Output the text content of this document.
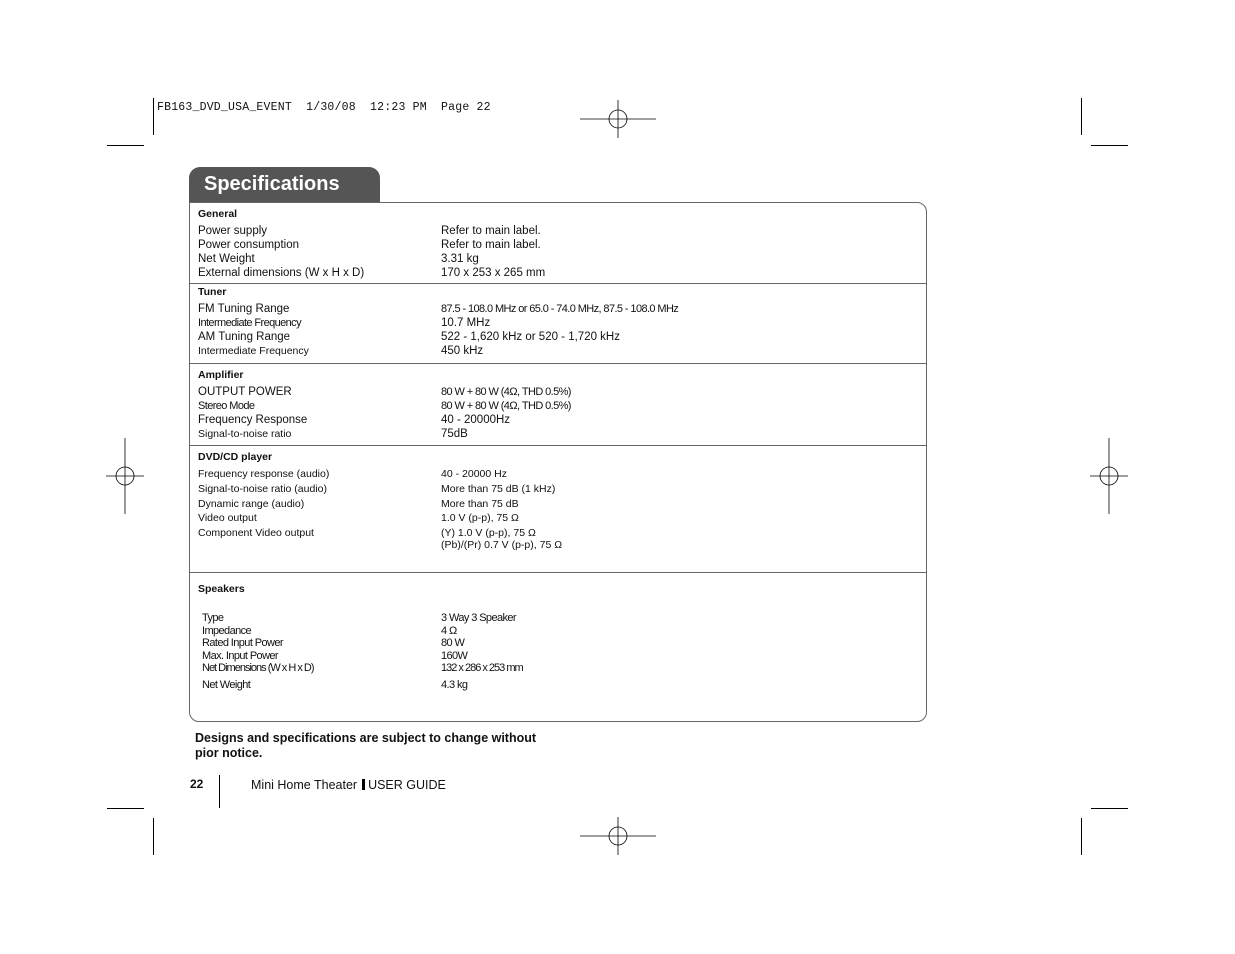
FB163_DVD_USA_EVENT  1/30/08  12:23 PM  Page 22
Specifications
General
Power supply	Refer to main label.
Power consumption	Refer to main label.
Net Weight	3.31 kg
External dimensions (W x H x D)	170 x 253 x 265 mm
Tuner
FM Tuning Range	87.5 - 108.0 MHz or 65.0 - 74.0 MHz, 87.5 - 108.0 MHz
Intermediate Frequency	10.7 MHz
AM Tuning Range	522 - 1,620 kHz or 520 - 1,720 kHz
Intermediate Frequency	450 kHz
Amplifier
OUTPUT POWER	80 W + 80 W (4Ω, THD 0.5%)
Stereo Mode	80 W + 80 W (4Ω, THD 0.5%)
Frequency Response	40 - 20000Hz
Signal-to-noise ratio	75dB
DVD/CD player
Frequency response (audio)	40 - 20000 Hz
Signal-to-noise ratio (audio)	More than 75 dB (1 kHz)
Dynamic range (audio)	More than 75 dB
Video output	1.0 V (p-p), 75 Ω
Component Video output	(Y) 1.0 V (p-p), 75 Ω
(Pb)/(Pr) 0.7 V (p-p), 75 Ω
Speakers
Type	3 Way 3 Speaker
Impedance	4 Ω
Rated Input Power	80 W
Max. Input Power	160W
Net Dimensions (W x H x D)	132 x 286 x 253 mm
Net Weight	4.3 kg
Designs and specifications are subject to change without pior notice.
22	Mini Home Theater USER GUIDE
